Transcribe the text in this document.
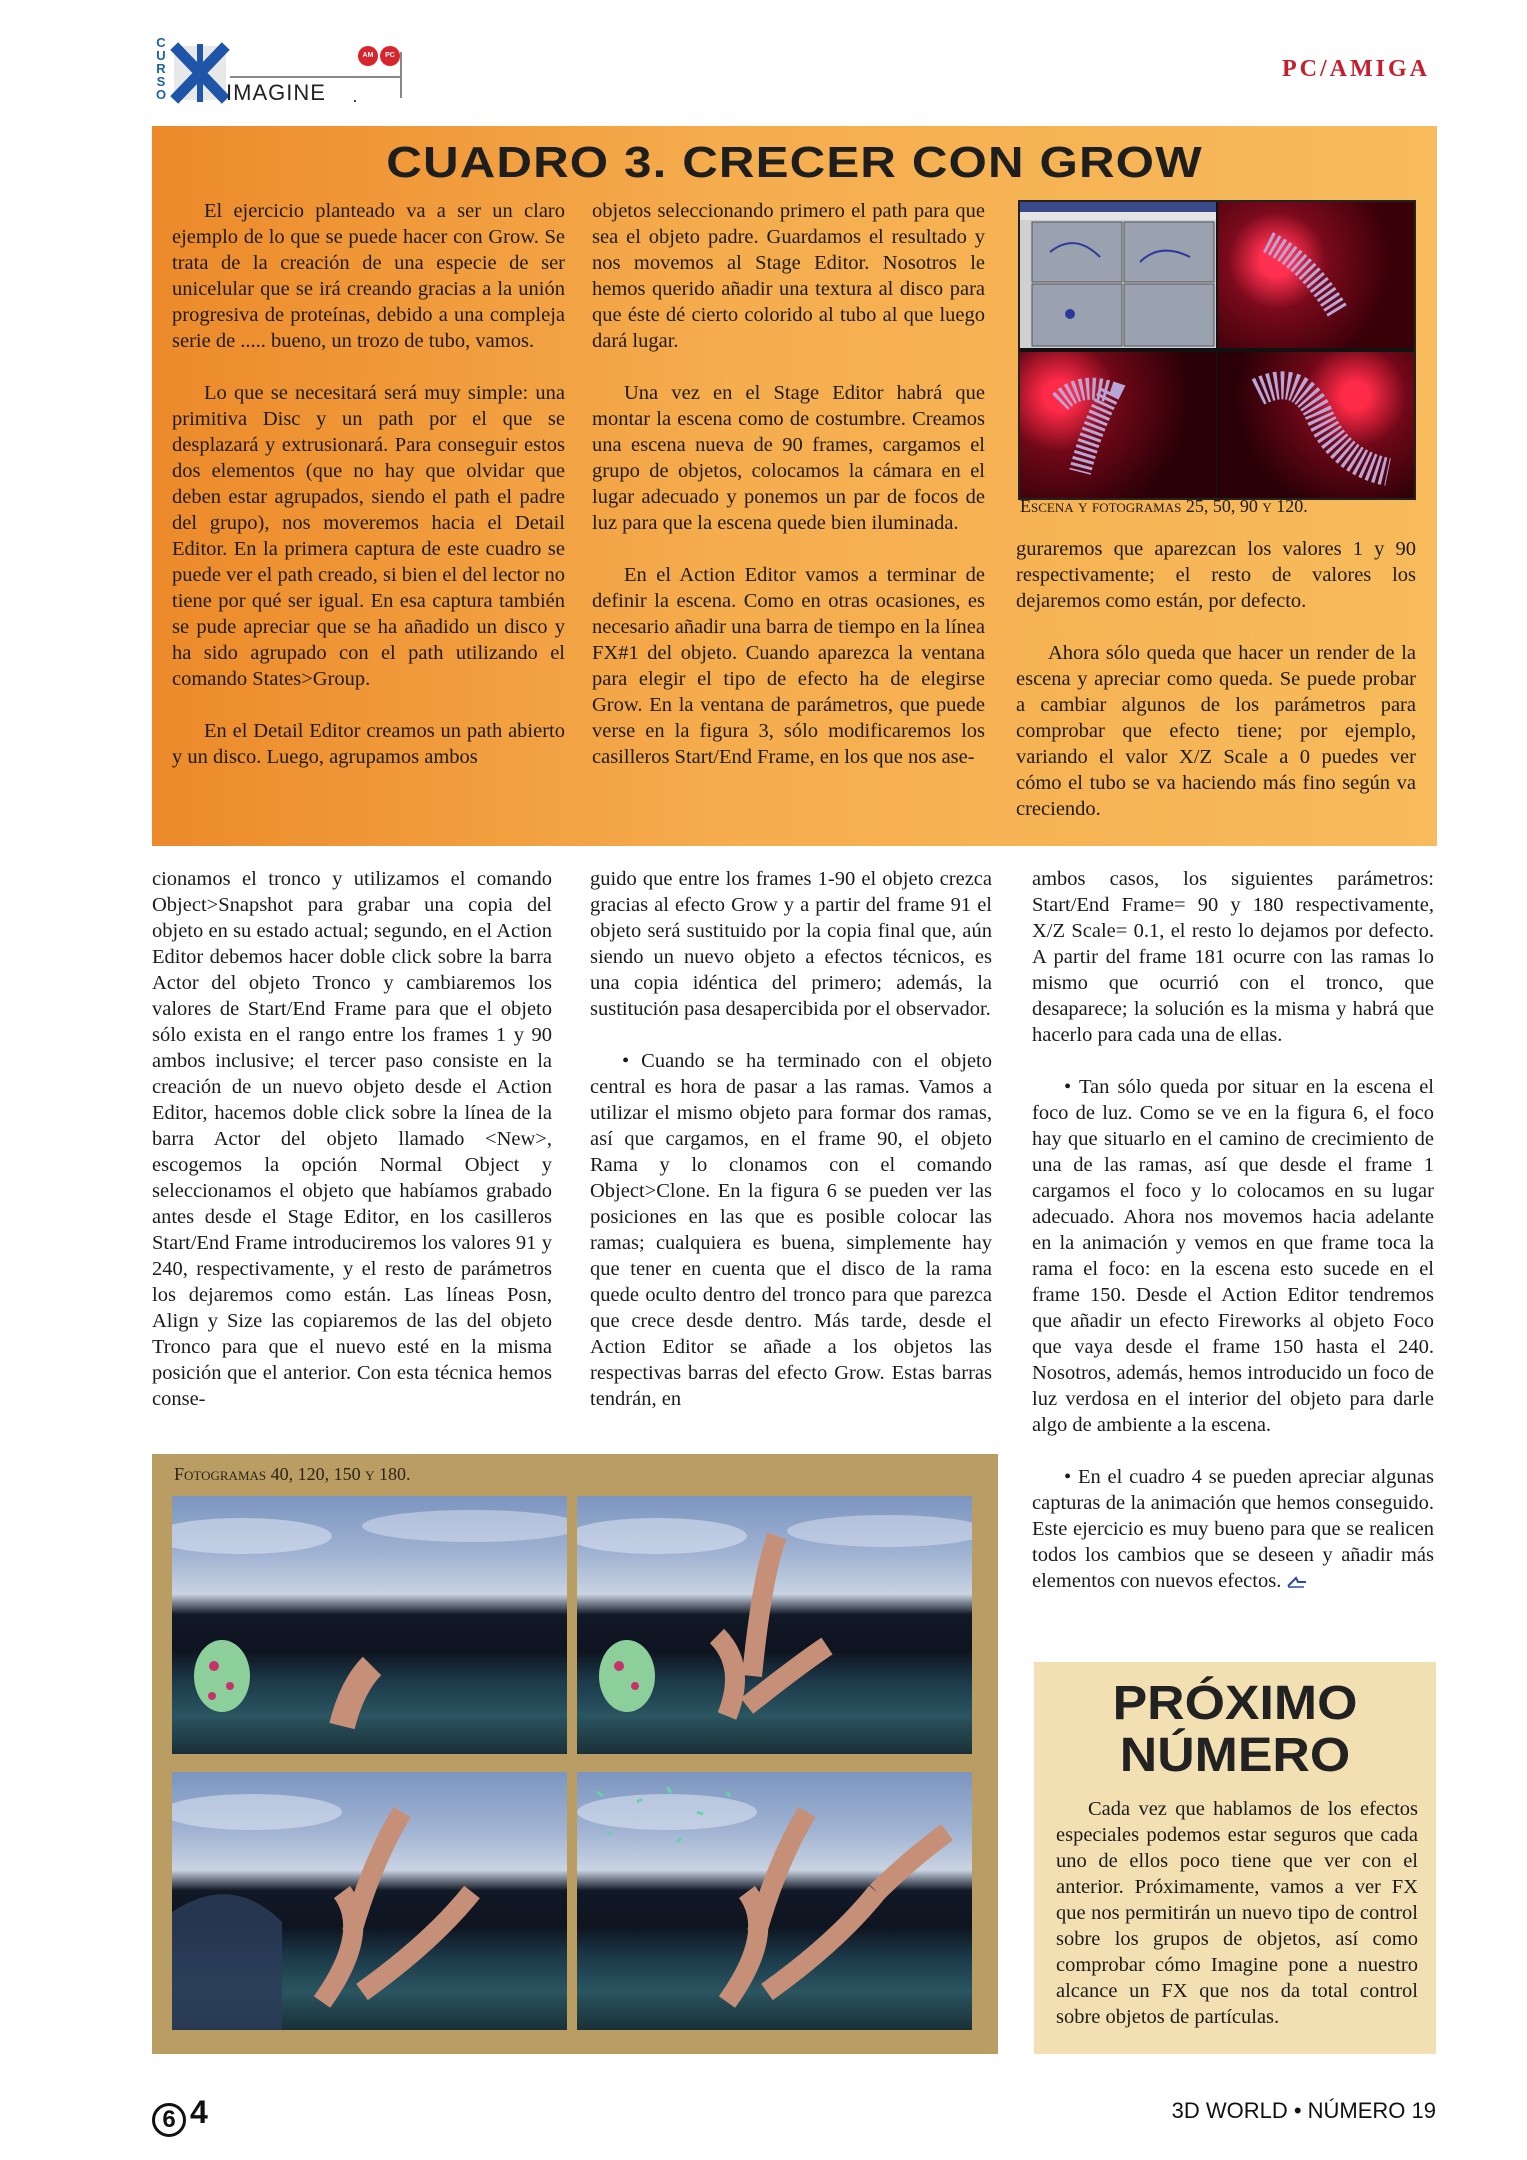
C
U
R
S
O	IMAGINE ·
AM	PC
PC/AMIGA
CUADRO 3. CRECER CON GROW

El ejercicio planteado va a ser un claro ejemplo de lo que se puede hacer con Grow. Se trata de la creación de una especie de ser unicelular que se irá creando gracias a la unión progresiva de proteínas, debido a una compleja serie de ..... bueno, un trozo de tubo, vamos.

Lo que se necesitará será muy simple: una primitiva Disc y un path por el que se desplazará y extrusionará. Para conseguir estos dos elementos (que no hay que olvidar que deben estar agrupados, siendo el path el padre del grupo), nos moveremos hacia el Detail Editor. En la primera captura de este cuadro se puede ver el path creado, si bien el del lector no tiene por qué ser igual. En esa captura también se pude apreciar que se ha añadido un disco y ha sido agrupado con el path utilizando el comando States>Group.

En el Detail Editor creamos un path abierto y un disco. Luego, agrupamos ambos

objetos seleccionando primero el path para que sea el objeto padre. Guardamos el resultado y nos movemos al Stage Editor. Nosotros le hemos querido añadir una textura al disco para que éste dé cierto colorido al tubo al que luego dará lugar.

Una vez en el Stage Editor habrá que montar la escena como de costumbre. Creamos una escena nueva de 90 frames, cargamos el grupo de objetos, colocamos la cámara en el lugar adecuado y ponemos un par de focos de luz para que la escena quede bien iluminada.

En el Action Editor vamos a terminar de definir la escena. Como en otras ocasiones, es necesario añadir una barra de tiempo en la línea FX#1 del objeto. Cuando aparezca la ventana para elegir el tipo de efecto ha de elegirse Grow. En la ventana de parámetros, que puede verse en la figura 3, sólo modificaremos los casilleros Start/End Frame, en los que nos ase-

Escena y fotogramas 25, 50, 90 y 120.

guraremos que aparezcan los valores 1 y 90 respectivamente; el resto de valores los dejaremos como están, por defecto.

Ahora sólo queda que hacer un render de la escena y apreciar como queda. Se puede probar a cambiar algunos de los parámetros para comprobar que efecto tiene; por ejemplo, variando el valor X/Z Scale a 0 puedes ver cómo el tubo se va haciendo más fino según va creciendo.

cionamos el tronco y utilizamos el comando Object>Snapshot para grabar una copia del objeto en su estado actual; segundo, en el Action Editor debemos hacer doble click sobre la barra Actor del objeto Tronco y cambiaremos los valores de Start/End Frame para que el objeto sólo exista en el rango entre los frames 1 y 90 ambos inclusive; el tercer paso consiste en la creación de un nuevo objeto desde el Action Editor, hacemos doble click sobre la línea de la barra Actor del objeto llamado <New>, escogemos la opción Normal Object y seleccionamos el objeto que habíamos grabado antes desde el Stage Editor, en los casilleros Start/End Frame introduciremos los valores 91 y 240, respectivamente, y el resto de parámetros los dejaremos como están. Las líneas Posn, Align y Size las copiaremos de las del objeto Tronco para que el nuevo esté en la misma posición que el anterior. Con esta técnica hemos conse-

guido que entre los frames 1-90 el objeto crezca gracias al efecto Grow y a partir del frame 91 el objeto será sustituido por la copia final que, aún siendo un nuevo objeto a efectos técnicos, es una copia idéntica del primero; además, la sustitución pasa desapercibida por el observador.

• Cuando se ha terminado con el objeto central es hora de pasar a las ramas. Vamos a utilizar el mismo objeto para formar dos ramas, así que cargamos, en el frame 90, el objeto Rama y lo clonamos con el comando Object>Clone. En la figura 6 se pueden ver las posiciones en las que es posible colocar las ramas; cualquiera es buena, simplemente hay que tener en cuenta que el disco de la rama quede oculto dentro del tronco para que parezca que crece desde dentro. Más tarde, desde el Action Editor se añade a los objetos las respectivas barras del efecto Grow. Estas barras tendrán, en

ambos casos, los siguientes parámetros: Start/End Frame= 90 y 180 respectivamente, X/Z Scale= 0.1, el resto lo dejamos por defecto. A partir del frame 181 ocurre con las ramas lo mismo que ocurrió con el tronco, que desaparece; la solución es la misma y habrá que hacerlo para cada una de ellas.

• Tan sólo queda por situar en la escena el foco de luz. Como se ve en la figura 6, el foco hay que situarlo en el camino de crecimiento de una de las ramas, así que desde el frame 1 cargamos el foco y lo colocamos en su lugar adecuado. Ahora nos movemos hacia adelante en la animación y vemos en que frame toca la rama el foco: en la escena esto sucede en el frame 150. Desde el Action Editor tendremos que añadir un efecto Fireworks al objeto Foco que vaya desde el frame 150 hasta el 240. Nosotros, además, hemos introducido un foco de luz verdosa en el interior del objeto para darle algo de ambiente a la escena.

• En el cuadro 4 se pueden apreciar algunas capturas de la animación que hemos conseguido. Este ejercicio es muy bueno para que se realicen todos los cambios que se deseen y añadir más elementos con nuevos efectos.

Fotogramas 40, 120, 150 y 180.
PRÓXIMO
NÚMERO
Cada vez que hablamos de los efectos especiales podemos estar seguros que cada uno de ellos poco tiene que ver con el anterior. Próximamente, vamos a ver FX que nos permitirán un nuevo tipo de control sobre los grupos de objetos, así como comprobar cómo Imagine pone a nuestro alcance un FX que nos da total control sobre objetos de partículas.
6 4	3D WORLD • NÚMERO 19
